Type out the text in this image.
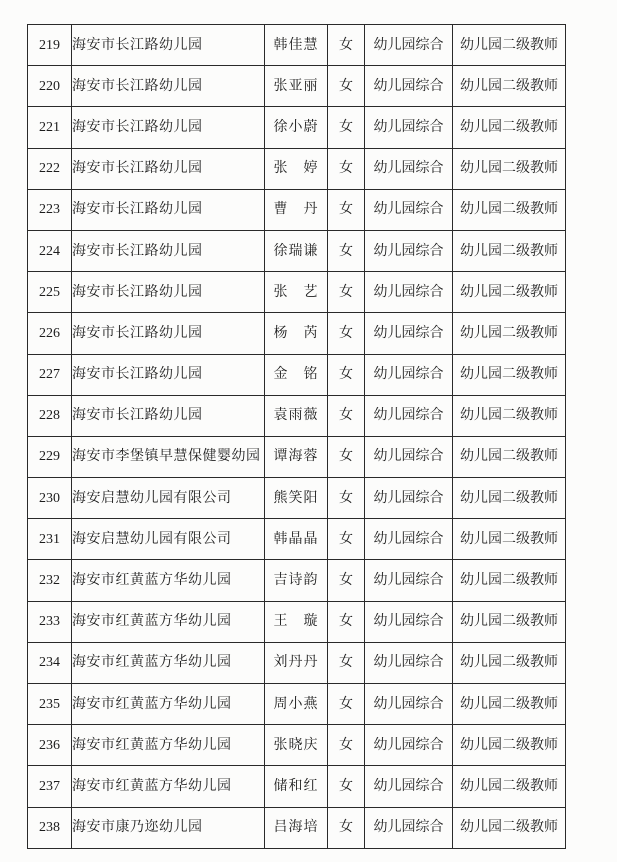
219	海安市长江路幼儿园	韩佳慧	女	幼儿园综合	幼儿园二级教师
220	海安市长江路幼儿园	张亚丽	女	幼儿园综合	幼儿园二级教师
221	海安市长江路幼儿园	徐小蔚	女	幼儿园综合	幼儿园二级教师
222	海安市长江路幼儿园	张　婷	女	幼儿园综合	幼儿园二级教师
223	海安市长江路幼儿园	曹　丹	女	幼儿园综合	幼儿园二级教师
224	海安市长江路幼儿园	徐瑞谦	女	幼儿园综合	幼儿园二级教师
225	海安市长江路幼儿园	张　艺	女	幼儿园综合	幼儿园二级教师
226	海安市长江路幼儿园	杨　芮	女	幼儿园综合	幼儿园二级教师
227	海安市长江路幼儿园	金　铭	女	幼儿园综合	幼儿园二级教师
228	海安市长江路幼儿园	袁雨薇	女	幼儿园综合	幼儿园二级教师
229	海安市李堡镇早慧保健婴幼园	谭海蓉	女	幼儿园综合	幼儿园二级教师
230	海安启慧幼儿园有限公司	熊笑阳	女	幼儿园综合	幼儿园二级教师
231	海安启慧幼儿园有限公司	韩晶晶	女	幼儿园综合	幼儿园二级教师
232	海安市红黄蓝方华幼儿园	吉诗韵	女	幼儿园综合	幼儿园二级教师
233	海安市红黄蓝方华幼儿园	王　璇	女	幼儿园综合	幼儿园二级教师
234	海安市红黄蓝方华幼儿园	刘丹丹	女	幼儿园综合	幼儿园二级教师
235	海安市红黄蓝方华幼儿园	周小燕	女	幼儿园综合	幼儿园二级教师
236	海安市红黄蓝方华幼儿园	张晓庆	女	幼儿园综合	幼儿园二级教师
237	海安市红黄蓝方华幼儿园	储和红	女	幼儿园综合	幼儿园二级教师
238	海安市康乃迩幼儿园	吕海培	女	幼儿园综合	幼儿园二级教师
